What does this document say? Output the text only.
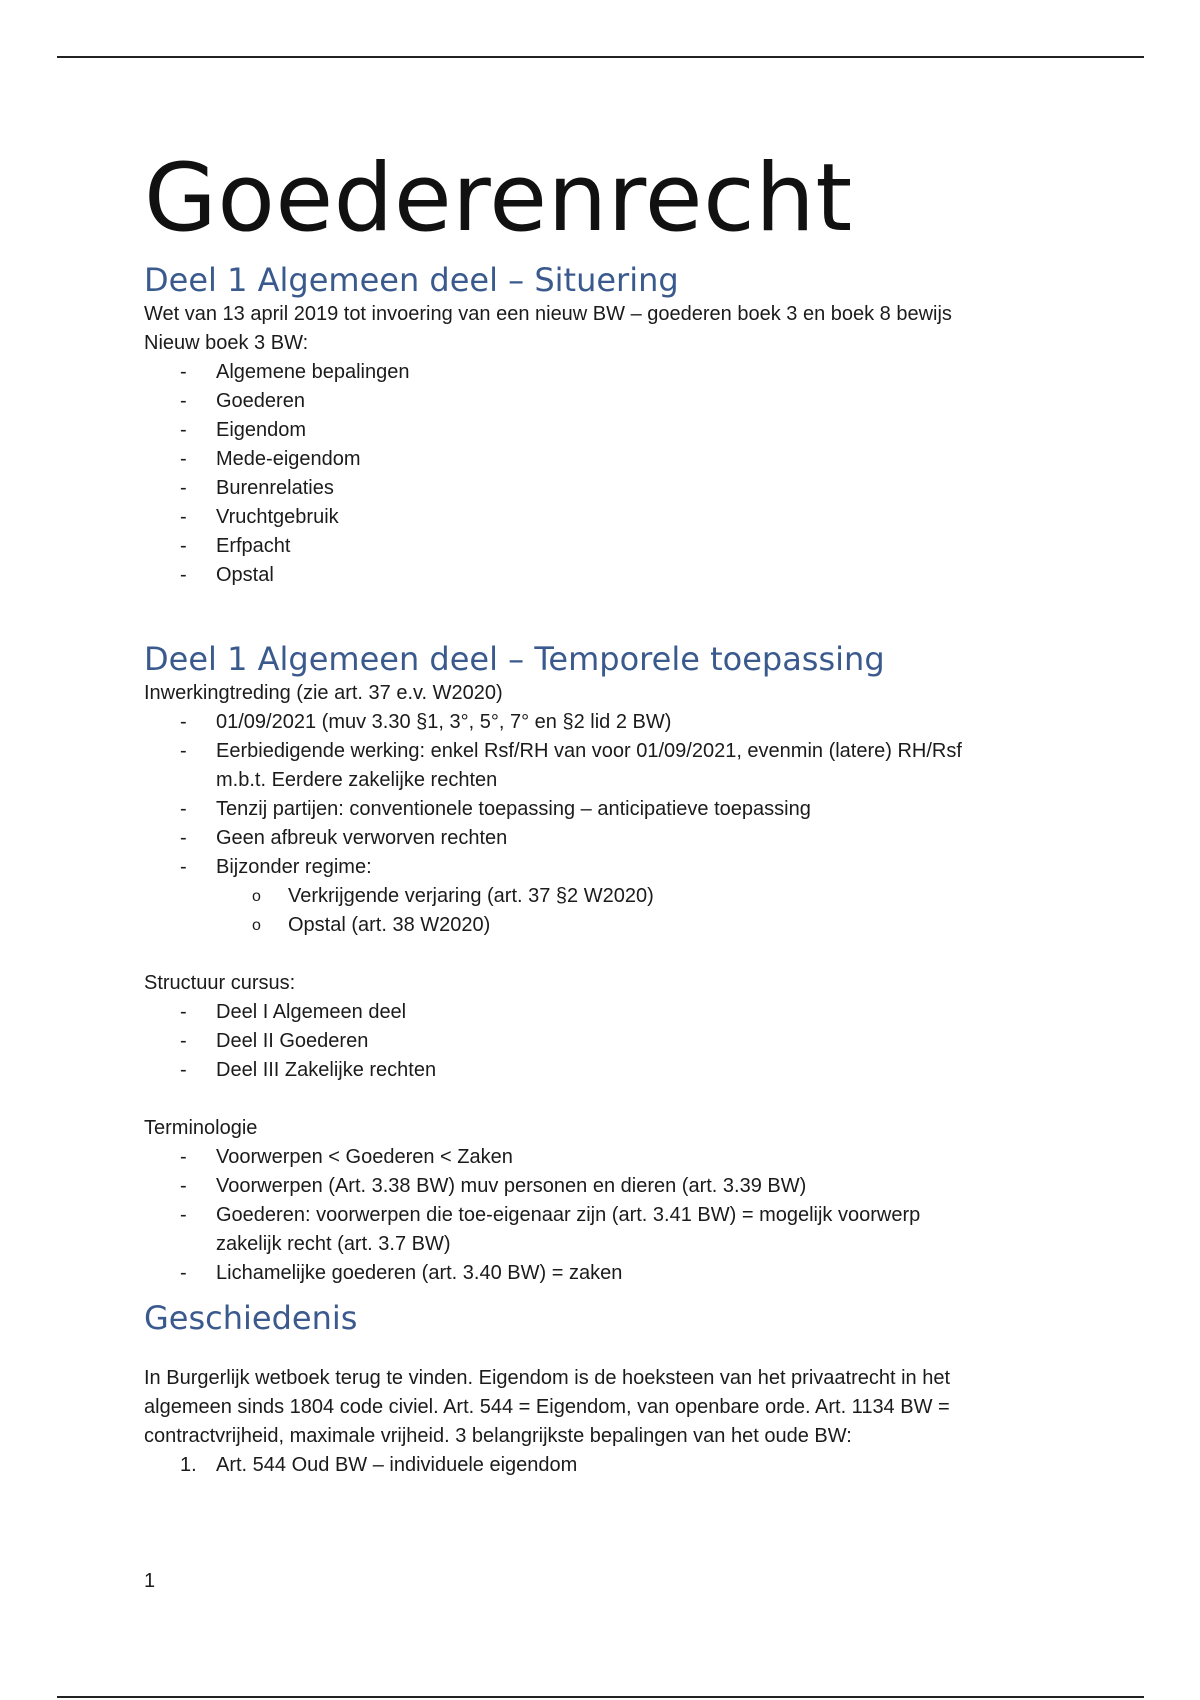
Goederenrecht
Deel 1 Algemeen deel – Situering

Wet van 13 april 2019 tot invoering van een nieuw BW – goederen boek 3 en boek 8 bewijs

Nieuw boek 3 BW:

- Algemene bepalingen
- Goederen
- Eigendom
- Mede-eigendom
- Burenrelaties
- Vruchtgebruik
- Erfpacht
- Opstal
Deel 1 Algemeen deel – Temporele toepassing

Inwerkingtreding (zie art. 37 e.v. W2020)

- 01/09/2021 (muv 3.30 §1, 3°, 5°, 7° en §2 lid 2 BW)
- Eerbiedigende werking: enkel Rsf/RH van voor 01/09/2021, evenmin (latere) RH/Rsf
m.b.t. Eerdere zakelijke rechten
- Tenzij partijen: conventionele toepassing – anticipatieve toepassing
- Geen afbreuk verworven rechten
- Bijzonder regime:
o Verkrijgende verjaring (art. 37 §2 W2020)
o Opstal (art. 38 W2020)

Structuur cursus:

- Deel I Algemeen deel
- Deel II Goederen
- Deel III Zakelijke rechten

Terminologie

- Voorwerpen < Goederen < Zaken
- Voorwerpen (Art. 3.38 BW) muv personen en dieren (art. 3.39 BW)
- Goederen: voorwerpen die toe-eigenaar zijn (art. 3.41 BW) = mogelijk voorwerp
zakelijk recht (art. 3.7 BW)
- Lichamelijke goederen (art. 3.40 BW) = zaken
Geschiedenis

In Burgerlijk wetboek terug te vinden. Eigendom is de hoeksteen van het privaatrecht in het

algemeen sinds 1804 code civiel. Art. 544 = Eigendom, van openbare orde. Art. 1134 BW =

contractvrijheid, maximale vrijheid. 3 belangrijkste bepalingen van het oude BW:

1. Art. 544 Oud BW – individuele eigendom
1
